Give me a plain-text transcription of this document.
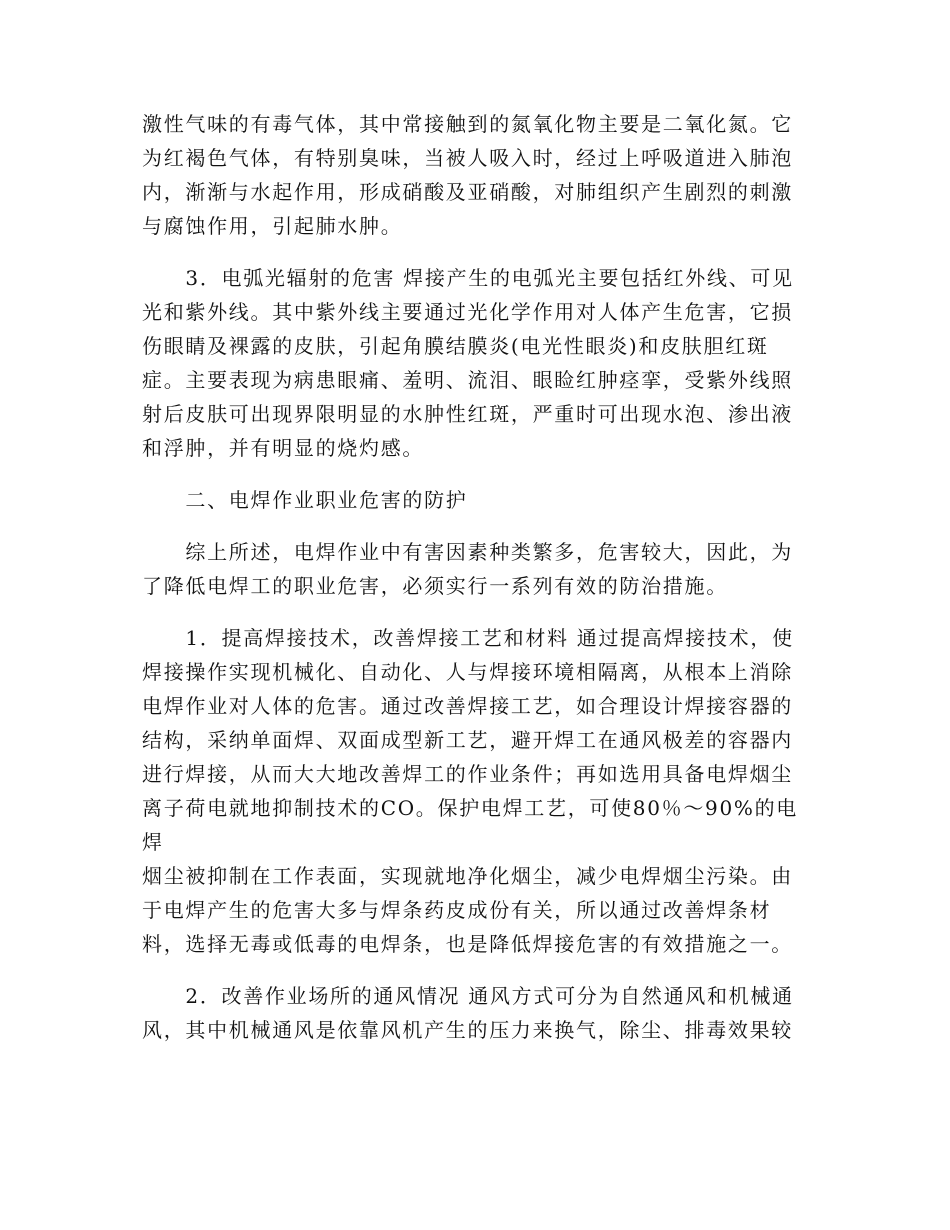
激性气味的有毒气体，其中常接触到的氮氧化物主要是二氧化氮。它
为红褐色气体，有特别臭味，当被人吸入时，经过上呼吸道进入肺泡
内，渐渐与水起作用，形成硝酸及亚硝酸，对肺组织产生剧烈的刺激
与腐蚀作用，引起肺水肿。

　　3．电弧光辐射的危害 焊接产生的电弧光主要包括红外线、可见
光和紫外线。其中紫外线主要通过光化学作用对人体产生危害，它损
伤眼睛及裸露的皮肤，引起角膜结膜炎(电光性眼炎)和皮肤胆红斑
症。主要表现为病患眼痛、羞明、流泪、眼睑红肿痉挛，受紫外线照
射后皮肤可出现界限明显的水肿性红斑，严重时可出现水泡、渗出液
和浮肿，并有明显的烧灼感。

　　二、电焊作业职业危害的防护

　　综上所述，电焊作业中有害因素种类繁多，危害较大，因此，为
了降低电焊工的职业危害，必须实行一系列有效的防治措施。

　　1．提高焊接技术，改善焊接工艺和材料 通过提高焊接技术，使
焊接操作实现机械化、自动化、人与焊接环境相隔离，从根本上消除
电焊作业对人体的危害。通过改善焊接工艺，如合理设计焊接容器的
结构，采纳单面焊、双面成型新工艺，避开焊工在通风极差的容器内
进行焊接，从而大大地改善焊工的作业条件；再如选用具备电焊烟尘
离子荷电就地抑制技术的CO。保护电焊工艺，可使80％～90%的电焊
烟尘被抑制在工作表面，实现就地净化烟尘，减少电焊烟尘污染。由
于电焊产生的危害大多与焊条药皮成份有关，所以通过改善焊条材
料，选择无毒或低毒的电焊条，也是降低焊接危害的有效措施之一。

　　2．改善作业场所的通风情况 通风方式可分为自然通风和机械通
风，其中机械通风是依靠风机产生的压力来换气，除尘、排毒效果较
